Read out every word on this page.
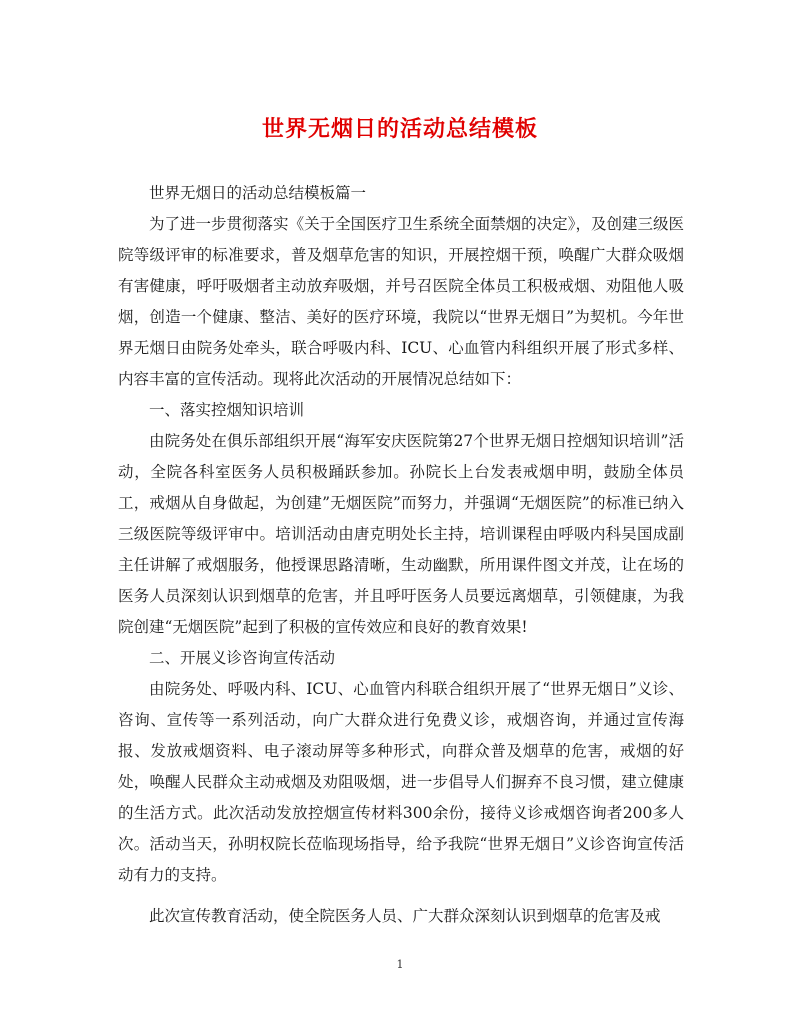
世界无烟日的活动总结模板

世界无烟日的活动总结模板篇一

为了进一步贯彻落实《关于全国医疗卫生系统全面禁烟的决定》，及创建三级医院等级评审的标准要求，普及烟草危害的知识，开展控烟干预，唤醒广大群众吸烟有害健康，呼吁吸烟者主动放弃吸烟，并号召医院全体员工积极戒烟、劝阻他人吸烟，创造一个健康、整洁、美好的医疗环境，我院以“世界无烟日”为契机。今年世界无烟日由院务处牵头，联合呼吸内科、ICU、心血管内科组织开展了形式多样、内容丰富的宣传活动。现将此次活动的开展情况总结如下：

一、落实控烟知识培训

由院务处在俱乐部组织开展“海军安庆医院第27个世界无烟日控烟知识培训”活动，全院各科室医务人员积极踊跃参加。孙院长上台发表戒烟申明，鼓励全体员工，戒烟从自身做起，为创建”无烟医院”而努力，并强调“无烟医院”的标准已纳入三级医院等级评审中。培训活动由唐克明处长主持，培训课程由呼吸内科吴国成副主任讲解了戒烟服务，他授课思路清晰，生动幽默，所用课件图文并茂，让在场的医务人员深刻认识到烟草的危害，并且呼吁医务人员要远离烟草，引领健康，为我院创建“无烟医院”起到了积极的宣传效应和良好的教育效果!

二、开展义诊咨询宣传活动

由院务处、呼吸内科、ICU、心血管内科联合组织开展了“世界无烟日”义诊、咨询、宣传等一系列活动，向广大群众进行免费义诊，戒烟咨询，并通过宣传海报、发放戒烟资料、电子滚动屏等多种形式，向群众普及烟草的危害，戒烟的好处，唤醒人民群众主动戒烟及劝阻吸烟，进一步倡导人们摒弃不良习惯，建立健康的生活方式。此次活动发放控烟宣传材料300余份，接待义诊戒烟咨询者200多人次。活动当天，孙明权院长莅临现场指导，给予我院“世界无烟日”义诊咨询宣传活动有力的支持。

此次宣传教育活动，使全院医务人员、广大群众深刻认识到烟草的危害及戒

1
